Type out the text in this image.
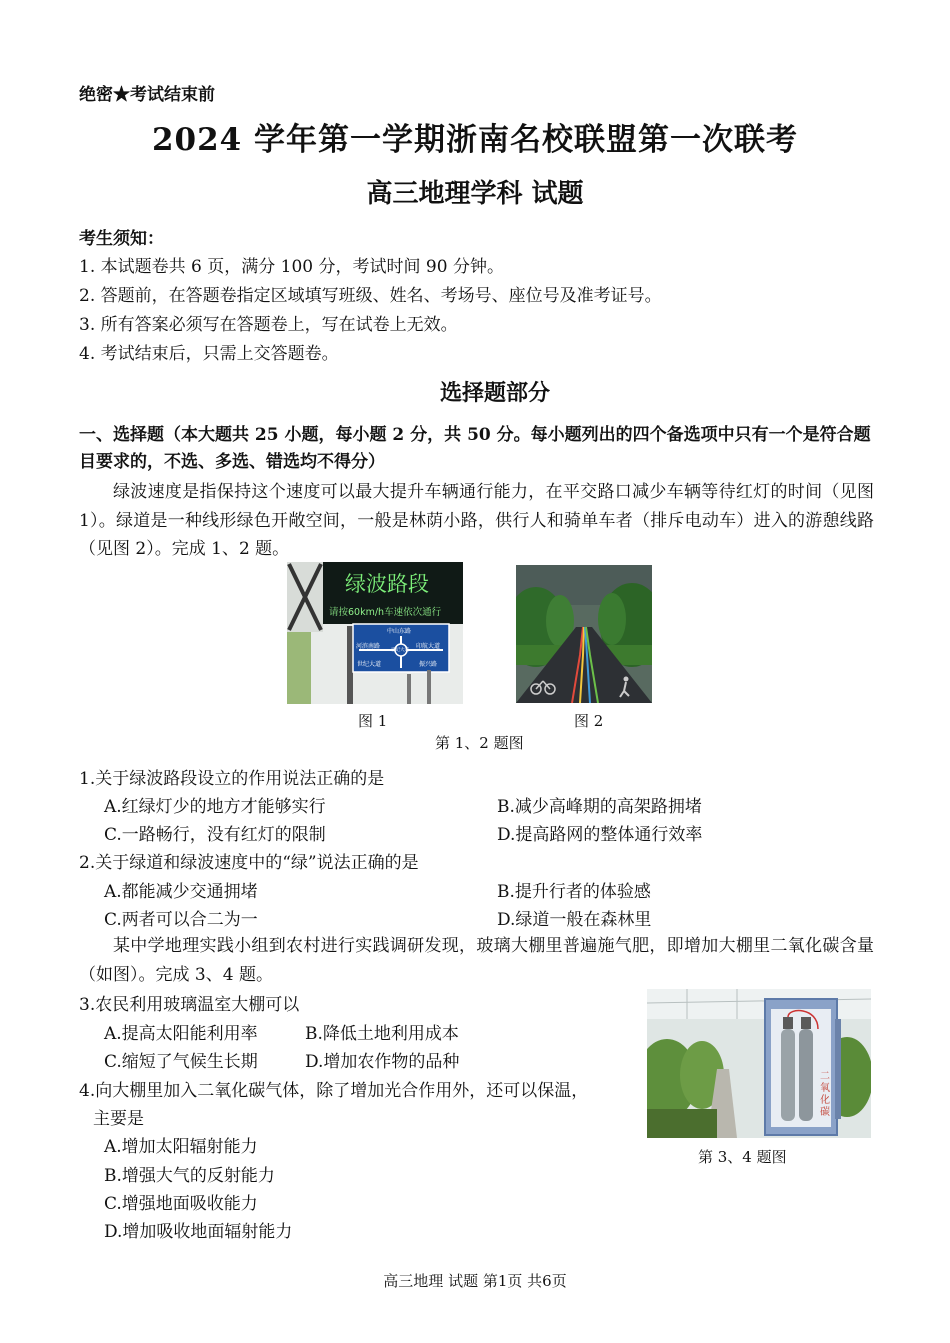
绝密★考试结束前
2024 学年第一学期浙南名校联盟第一次联考
高三地理学科 试题
考生须知：
1. 本试题卷共 6 页，满分 100 分，考试时间 90 分钟。
2. 答题前，在答题卷指定区域填写班级、姓名、考场号、座位号及准考证号。
3. 所有答案必须写在答题卷上，写在试卷上无效。
4. 考试结束后，只需上交答题卷。
选择题部分
一、选择题（本大题共 25 小题，每小题 2 分，共 50 分。每小题列出的四个备选项中只有一个是符合题目要求的，不选、多选、错选均不得分）
绿波速度是指保持这个速度可以最大提升车辆通行能力，在平交路口减少车辆等待红灯的时间（见图 1）。绿道是一种线形绿色开敞空间，一般是林荫小路，供行人和骑单车者（排斥电动车）进入的游憩线路（见图 2）。完成 1、2 题。
绿波路段
请按60km/h车速依次通行
中山东路
河滨南路	印航大道
世纪大道
世纪大道	振兴路
图 1	图 2
第 1、2 题图
1.关于绿波路段设立的作用说法正确的是
A.红绿灯少的地方才能够实行	B.减少高峰期的高架路拥堵
C.一路畅行，没有红灯的限制	D.提高路网的整体通行效率
2.关于绿道和绿波速度中的“绿”说法正确的是
A.都能减少交通拥堵	B.提升行者的体验感
C.两者可以合二为一	D.绿道一般在森林里
某中学地理实践小组到农村进行实践调研发现，玻璃大棚里普遍施气肥，即增加大棚里二氧化碳含量（如图）。完成 3、4 题。
3.农民利用玻璃温室大棚可以
A.提高太阳能利用率	B.降低土地利用成本
C.缩短了气候生长期	D.增加农作物的品种
4.向大棚里加入二氧化碳气体，除了增加光合作用外，还可以保温，
主要是
A.增加太阳辐射能力
B.增强大气的反射能力
C.增强地面吸收能力
D.增加吸收地面辐射能力
二氧化碳
第 3、4 题图
高三地理 试题 第1页 共6页
